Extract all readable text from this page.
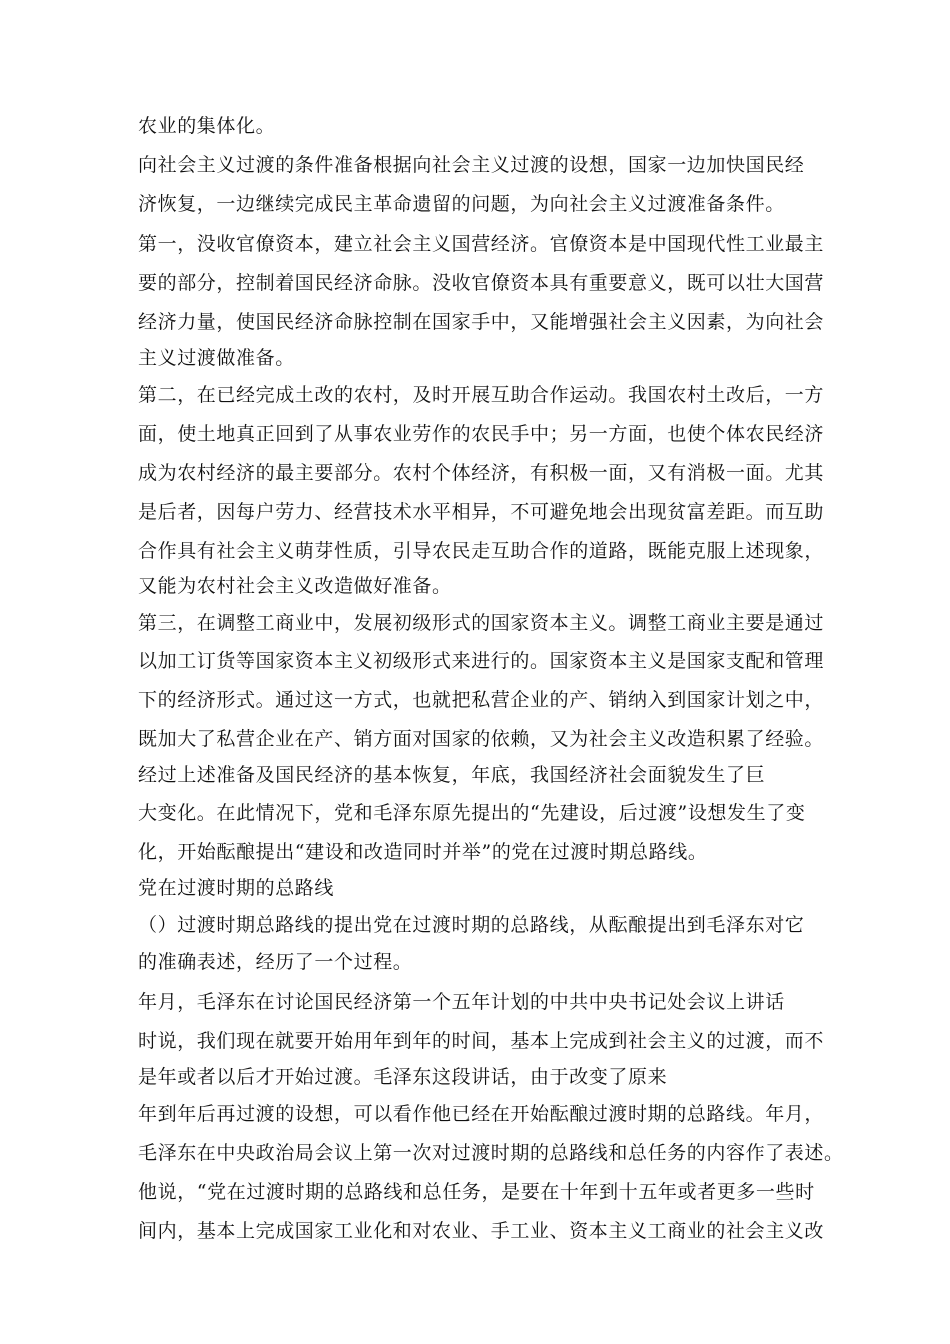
农业的集体化。
向社会主义过渡的条件准备根据向社会主义过渡的设想，国家一边加快国民经
济恢复，一边继续完成民主革命遗留的问题，为向社会主义过渡准备条件。
第一，没收官僚资本，建立社会主义国营经济。官僚资本是中国现代性工业最主
要的部分，控制着国民经济命脉。没收官僚资本具有重要意义，既可以壮大国营
经济力量，使国民经济命脉控制在国家手中，又能增强社会主义因素，为向社会
主义过渡做准备。
第二，在已经完成土改的农村，及时开展互助合作运动。我国农村土改后，一方
面，使土地真正回到了从事农业劳作的农民手中；另一方面，也使个体农民经济
成为农村经济的最主要部分。农村个体经济，有积极一面，又有消极一面。尤其
是后者，因每户劳力、经营技术水平相异，不可避免地会出现贫富差距。而互助
合作具有社会主义萌芽性质，引导农民走互助合作的道路，既能克服上述现象，
又能为农村社会主义改造做好准备。
第三，在调整工商业中，发展初级形式的国家资本主义。调整工商业主要是通过
以加工订货等国家资本主义初级形式来进行的。国家资本主义是国家支配和管理
下的经济形式。通过这一方式，也就把私营企业的产、销纳入到国家计划之中，
既加大了私营企业在产、销方面对国家的依赖，又为社会主义改造积累了经验。
经过上述准备及国民经济的基本恢复，年底，我国经济社会面貌发生了巨
大变化。在此情况下，党和毛泽东原先提出的“先建设，后过渡”设想发生了变
化，开始酝酿提出“建设和改造同时并举”的党在过渡时期总路线。
党在过渡时期的总路线
（）过渡时期总路线的提出党在过渡时期的总路线，从酝酿提出到毛泽东对它
的准确表述，经历了一个过程。
年月，毛泽东在讨论国民经济第一个五年计划的中共中央书记处会议上讲话
时说，我们现在就要开始用年到年的时间，基本上完成到社会主义的过渡，而不
是年或者以后才开始过渡。毛泽东这段讲话，由于改变了原来
年到年后再过渡的设想，可以看作他已经在开始酝酿过渡时期的总路线。年月，
毛泽东在中央政治局会议上第一次对过渡时期的总路线和总任务的内容作了表述。
他说，“党在过渡时期的总路线和总任务，是要在十年到十五年或者更多一些时
间内，基本上完成国家工业化和对农业、手工业、资本主义工商业的社会主义改
